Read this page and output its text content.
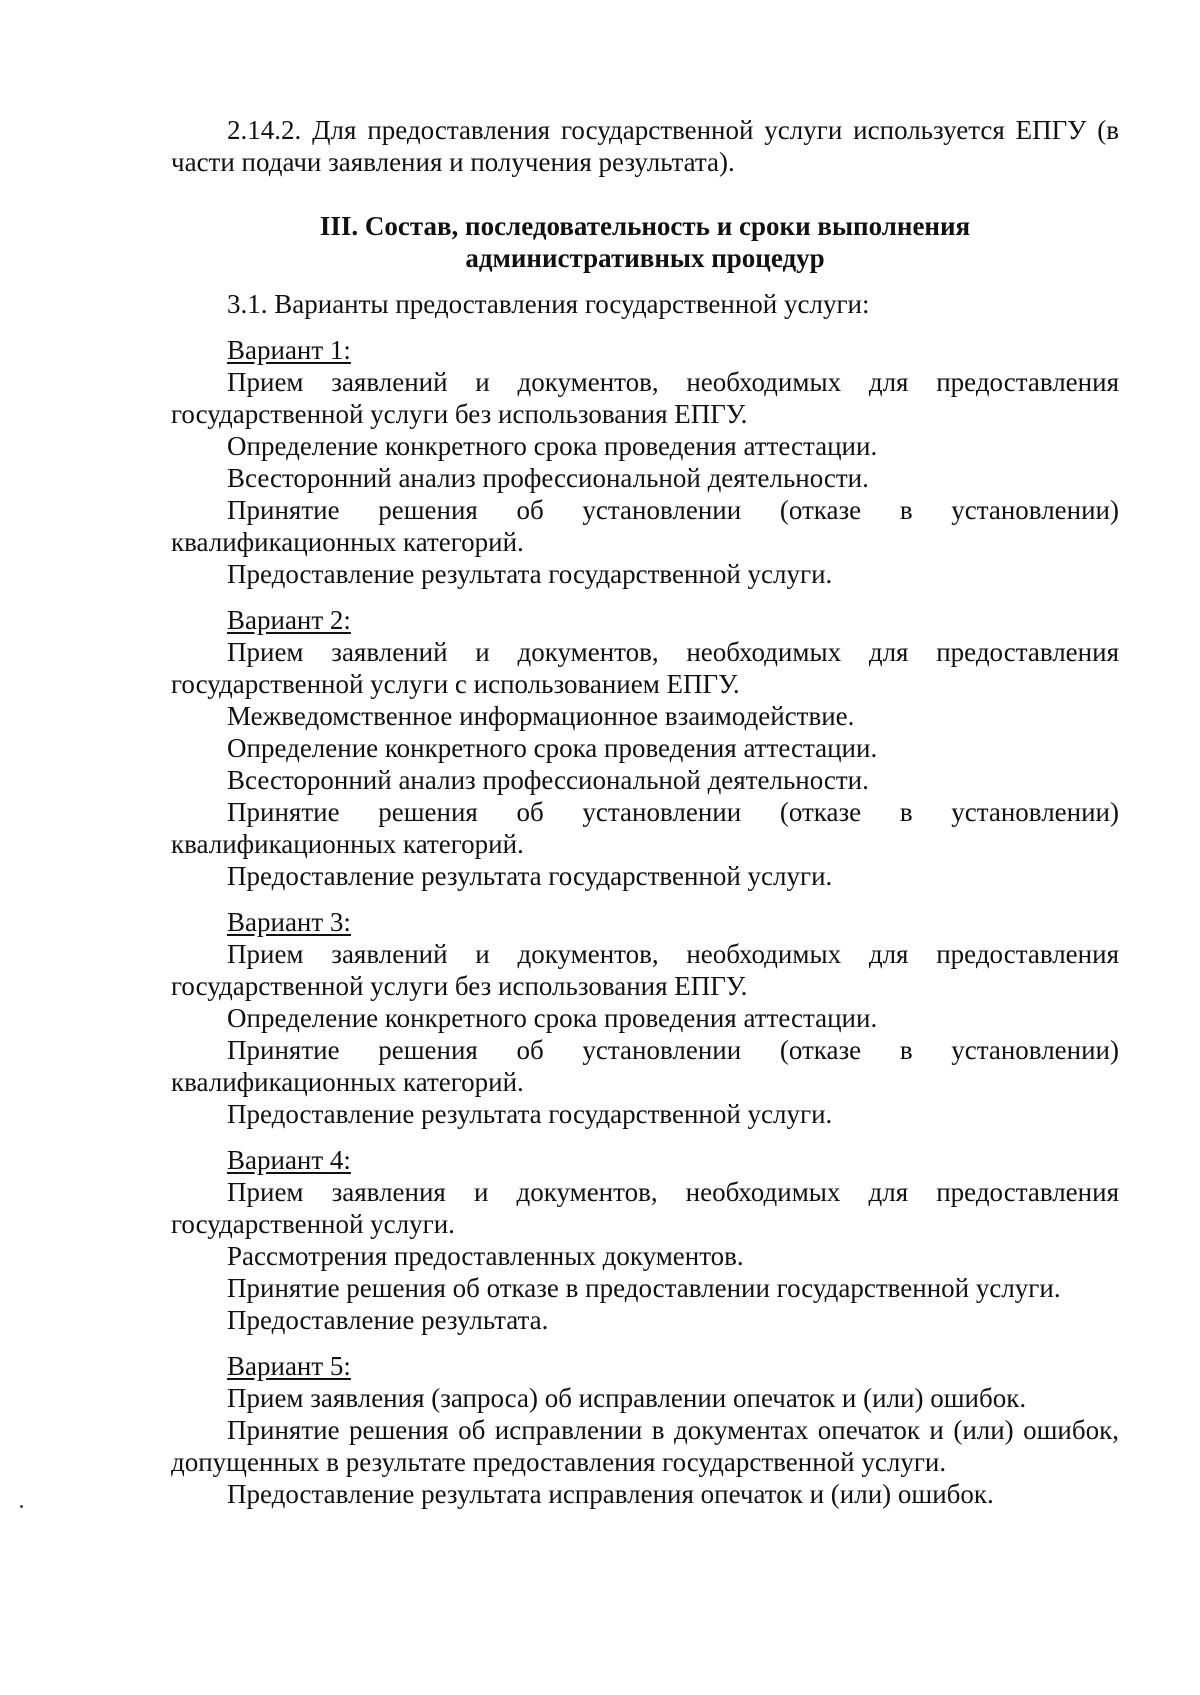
2.14.2. Для предоставления государственной услуги используется ЕПГУ (в части подачи заявления и получения результата).

III. Состав, последовательность и сроки выполнения
административных процедур

3.1. Варианты предоставления государственной услуги:

Вариант 1:

Прием заявлений и документов, необходимых для предоставления государственной услуги без использования ЕПГУ.

Определение конкретного срока проведения аттестации.

Всесторонний анализ профессиональной деятельности.

Принятие решения об установлении (отказе в установлении) квалификационных категорий.

Предоставление результата государственной услуги.

Вариант 2:

Прием заявлений и документов, необходимых для предоставления государственной услуги с использованием ЕПГУ.

Межведомственное информационное взаимодействие.

Определение конкретного срока проведения аттестации.

Всесторонний анализ профессиональной деятельности.

Принятие решения об установлении (отказе в установлении) квалификационных категорий.

Предоставление результата государственной услуги.

Вариант 3:

Прием заявлений и документов, необходимых для предоставления государственной услуги без использования ЕПГУ.

Определение конкретного срока проведения аттестации.

Принятие решения об установлении (отказе в установлении) квалификационных категорий.

Предоставление результата государственной услуги.

Вариант 4:

Прием заявления и документов, необходимых для предоставления государственной услуги.

Рассмотрения предоставленных документов.

Принятие решения об отказе в предоставлении государственной услуги.

Предоставление результата.

Вариант 5:

Прием заявления (запроса) об исправлении опечаток и (или) ошибок.

Принятие решения об исправлении в документах опечаток и (или) ошибок, допущенных в результате предоставления государственной услуги.

Предоставление результата исправления опечаток и (или) ошибок.
